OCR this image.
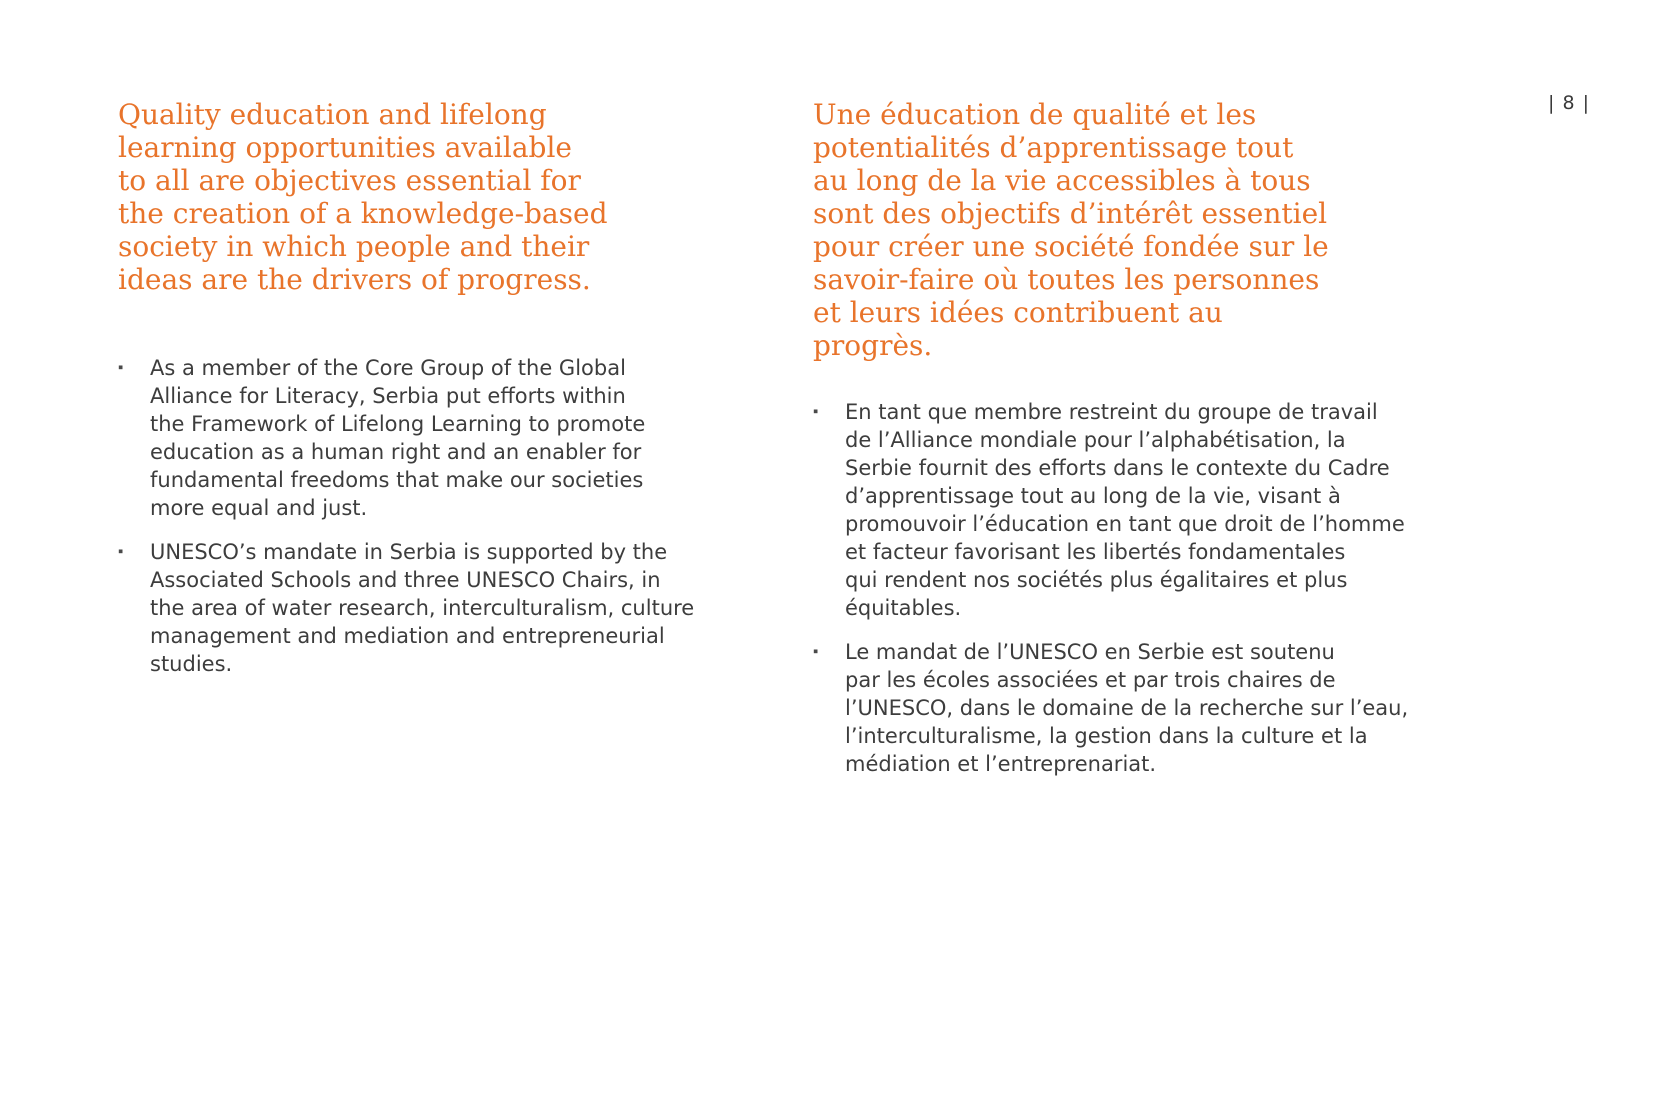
| 8 |
Quality education and lifelong
learning opportunities available
to all are objectives essential for
the creation of a knowledge-based
society in which people and their
ideas are the drivers of progress.
▪ As a member of the Core Group of the Global
Alliance for Literacy, Serbia put efforts within
the Framework of Lifelong Learning to promote
education as a human right and an enabler for
fundamental freedoms that make our societies
more equal and just.
▪ UNESCO’s mandate in Serbia is supported by the
Associated Schools and three UNESCO Chairs, in
the area of water research, interculturalism, culture
management and mediation and entrepreneurial
studies.
Une éducation de qualité et les
potentialités d’apprentissage tout
au long de la vie accessibles à tous
sont des objectifs d’intérêt essentiel
pour créer une société fondée sur le
savoir-faire où toutes les personnes
et leurs idées contribuent au
progrès.
▪ En tant que membre restreint du groupe de travail
de l’Alliance mondiale pour l’alphabétisation, la
Serbie fournit des efforts dans le contexte du Cadre
d’apprentissage tout au long de la vie, visant à
promouvoir l’éducation en tant que droit de l’homme
et facteur favorisant les libertés fondamentales
qui rendent nos sociétés plus égalitaires et plus
équitables.
▪ Le mandat de l’UNESCO en Serbie est soutenu
par les écoles associées et par trois chaires de
l’UNESCO, dans le domaine de la recherche sur l’eau,
l’interculturalisme, la gestion dans la culture et la
médiation et l’entreprenariat.
